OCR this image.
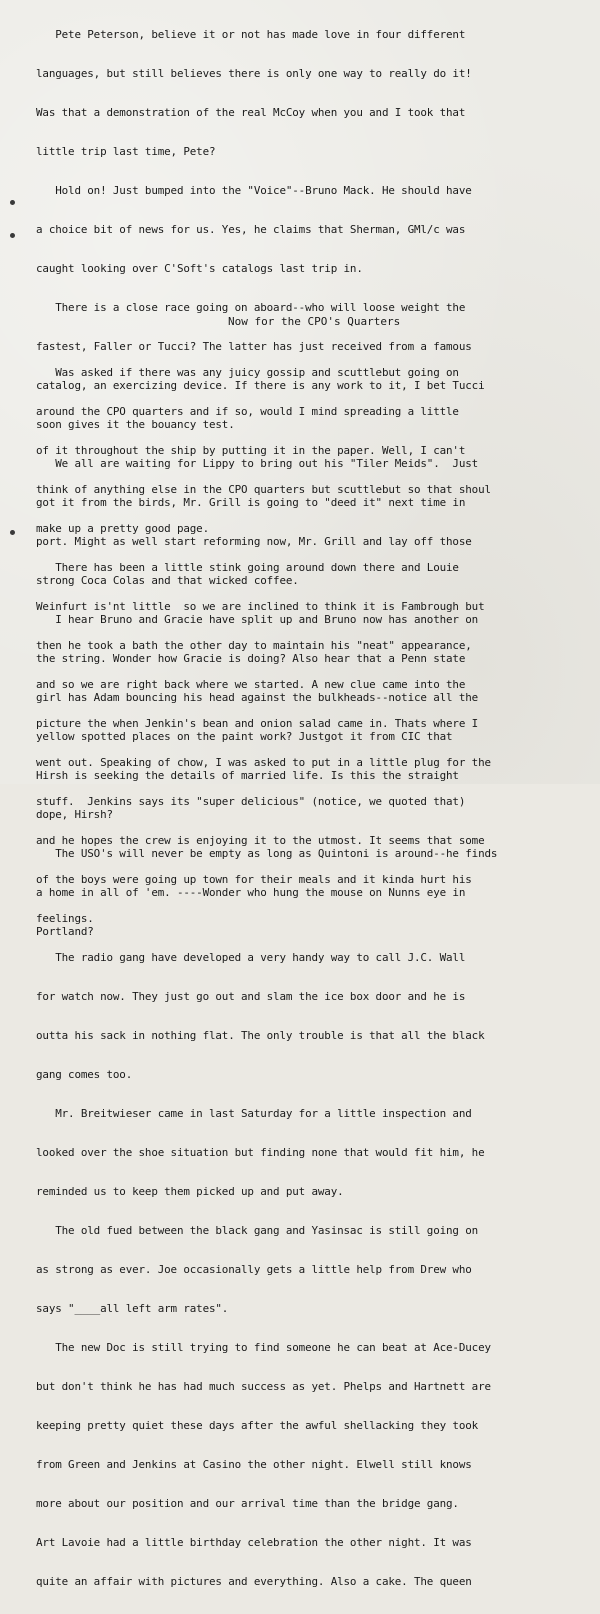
Pete Peterson, believe it or not has made love in four different

languages, but still believes there is only one way to really do it!

Was that a demonstration of the real McCoy when you and I took that

little trip last time, Pete?

Hold on! Just bumped into the "Voice"--Bruno Mack. He should have

a choice bit of news for us. Yes, he claims that Sherman, GMl/c was

caught looking over C'Soft's catalogs last trip in.

There is a close race going on aboard--who will loose weight the

fastest, Faller or Tucci? The latter has just received from a famous

catalog, an exercizing device. If there is any work to it, I bet Tucci

soon gives it the bouancy test.

We all are waiting for Lippy to bring out his "Tiler Meids".  Just

got it from the birds, Mr. Grill is going to "deed it" next time in

port. Might as well start reforming now, Mr. Grill and lay off those

strong Coca Colas and that wicked coffee.

I hear Bruno and Gracie have split up and Bruno now has another on

the string. Wonder how Gracie is doing? Also hear that a Penn state

girl has Adam bouncing his head against the bulkheads--notice all the

yellow spotted places on the paint work? Justgot it from CIC that

Hirsh is seeking the details of married life. Is this the straight

dope, Hirsh?

The USO's will never be empty as long as Quintoni is around--he finds

a home in all of 'em. ----Wonder who hung the mouse on Nunns eye in

Portland?

Now for the CPO's Quarters

Was asked if there was any juicy gossip and scuttlebut going on

around the CPO quarters and if so, would I mind spreading a little

of it throughout the ship by putting it in the paper. Well, I can't

think of anything else in the CPO quarters but scuttlebut so that shoul

make up a pretty good page.

There has been a little stink going around down there and Louie

Weinfurt is'nt little  so we are inclined to think it is Fambrough but

then he took a bath the other day to maintain his "neat" appearance,

and so we are right back where we started. A new clue came into the

picture the when Jenkin's bean and onion salad came in. Thats where I

went out. Speaking of chow, I was asked to put in a little plug for the

stuff.  Jenkins says its "super delicious" (notice, we quoted that)

and he hopes the crew is enjoying it to the utmost. It seems that some

of the boys were going up town for their meals and it kinda hurt his

feelings.

The radio gang have developed a very handy way to call J.C. Wall

for watch now. They just go out and slam the ice box door and he is

outta his sack in nothing flat. The only trouble is that all the black

gang comes too.

Mr. Breitwieser came in last Saturday for a little inspection and

looked over the shoe situation but finding none that would fit him, he

reminded us to keep them picked up and put away.

The old fued between the black gang and Yasinsac is still going on

as strong as ever. Joe occasionally gets a little help from Drew who

says "____all left arm rates".

The new Doc is still trying to find someone he can beat at Ace-Ducey

but don't think he has had much success as yet. Phelps and Hartnett are

keeping pretty quiet these days after the awful shellacking they took

from Green and Jenkins at Casino the other night. Elwell still knows

more about our position and our arrival time than the bridge gang.

Art Lavoie had a little birthday celebration the other night. It was

quite an affair with pictures and everything. Also a cake. The queen
